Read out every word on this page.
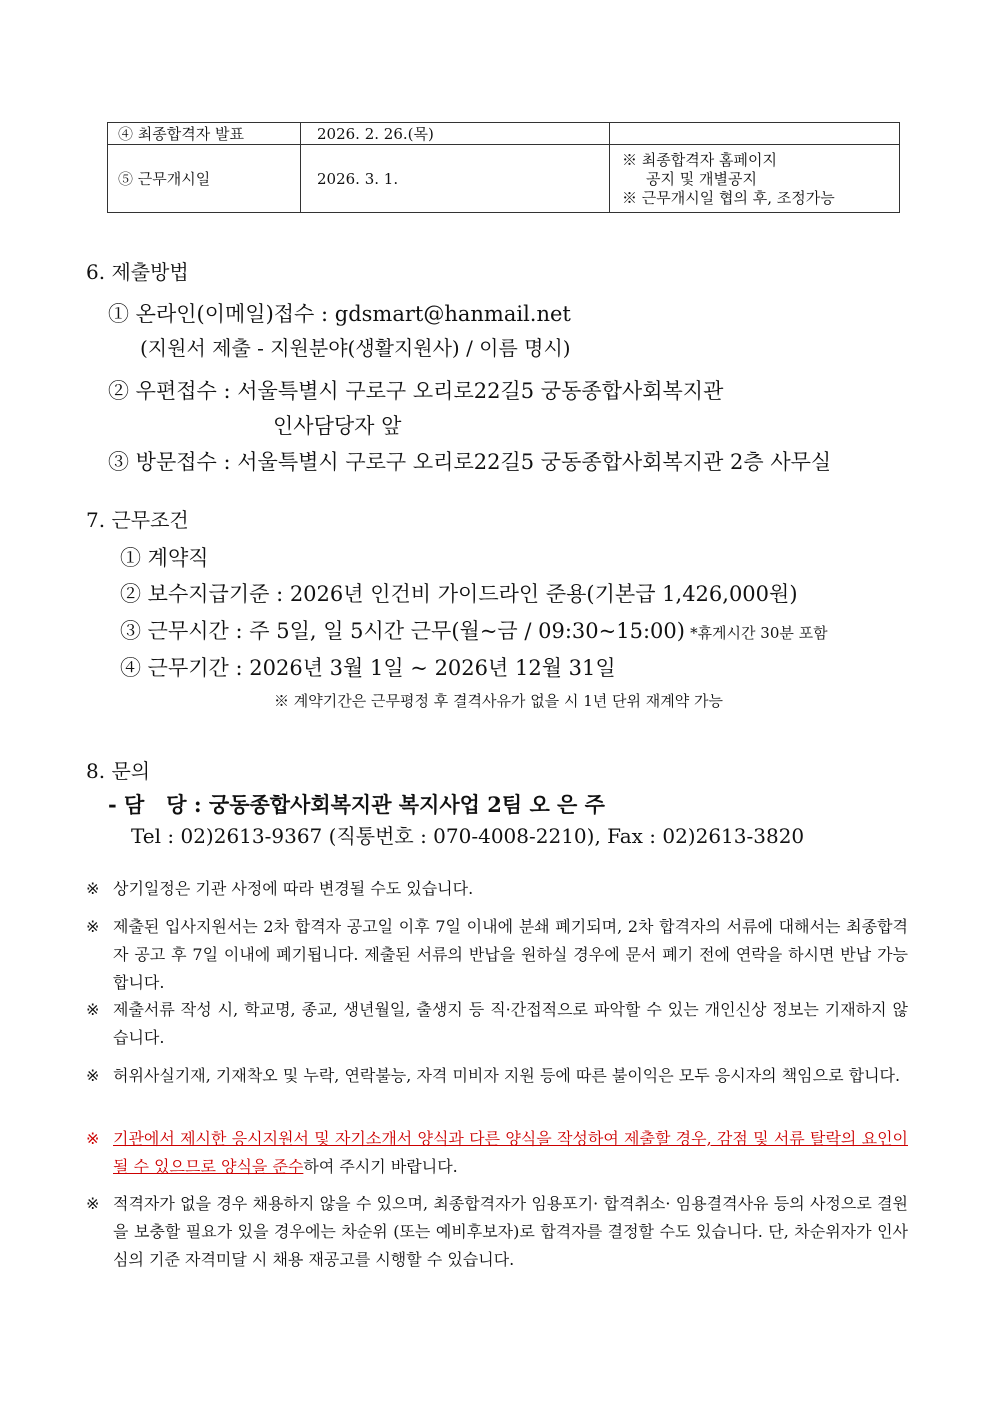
④ 최종합격자 발표	2026. 2. 26.(목)	
⑤ 근무개시일	2026. 3. 1.	※ 최종합격자 홈페이지
공지 및 개별공지
※ 근무개시일 협의 후, 조정가능
6. 제출방법
① 온라인(이메일)접수 : gdsmart@hanmail.net
(지원서 제출 - 지원분야(생활지원사) / 이름 명시)
② 우편접수 : 서울특별시 구로구 오리로22길5 궁동종합사회복지관
인사담당자 앞
③ 방문접수 : 서울특별시 구로구 오리로22길5 궁동종합사회복지관 2층 사무실
7. 근무조건
① 계약직
② 보수지급기준 : 2026년 인건비 가이드라인 준용(기본급 1,426,000원)
③ 근무시간 : 주 5일, 일 5시간 근무(월~금 / 09:30~15:00) *휴게시간 30분 포함
④ 근무기간 : 2026년 3월 1일 ~ 2026년 12월 31일
※ 계약기간은 근무평정 후 결격사유가 없을 시 1년 단위 재계약 가능
8. 문의
- 담   당 : 궁동종합사회복지관 복지사업 2팀 오 은 주
Tel : 02)2613-9367 (직통번호 : 070-4008-2210), Fax : 02)2613-3820
※ 상기일정은 기관 사정에 따라 변경될 수도 있습니다.
※ 제출된 입사지원서는 2차 합격자 공고일 이후 7일 이내에 분쇄 폐기되며, 2차 합격자의 서류에 대해서는 최종합격자 공고 후 7일 이내에 폐기됩니다. 제출된 서류의 반납을 원하실 경우에 문서 폐기 전에 연락을 하시면 반납 가능합니다.
※ 제출서류 작성 시, 학교명, 종교, 생년월일, 출생지 등 직·간접적으로 파악할 수 있는 개인신상 정보는 기재하지 않습니다.
※ 허위사실기재, 기재착오 및 누락, 연락불능, 자격 미비자 지원 등에 따른 불이익은 모두 응시자의 책임으로 합니다.
※ 기관에서 제시한 응시지원서 및 자기소개서 양식과 다른 양식을 작성하여 제출할 경우, 감점 및 서류 탈락의 요인이 될 수 있으므로 양식을 준수하여 주시기 바랍니다.
※ 적격자가 없을 경우 채용하지 않을 수 있으며, 최종합격자가 임용포기· 합격취소· 임용결격사유 등의 사정으로 결원을 보충할 필요가 있을 경우에는 차순위 (또는 예비후보자)로 합격자를 결정할 수도 있습니다. 단, 차순위자가 인사심의 기준 자격미달 시 채용 재공고를 시행할 수 있습니다.
